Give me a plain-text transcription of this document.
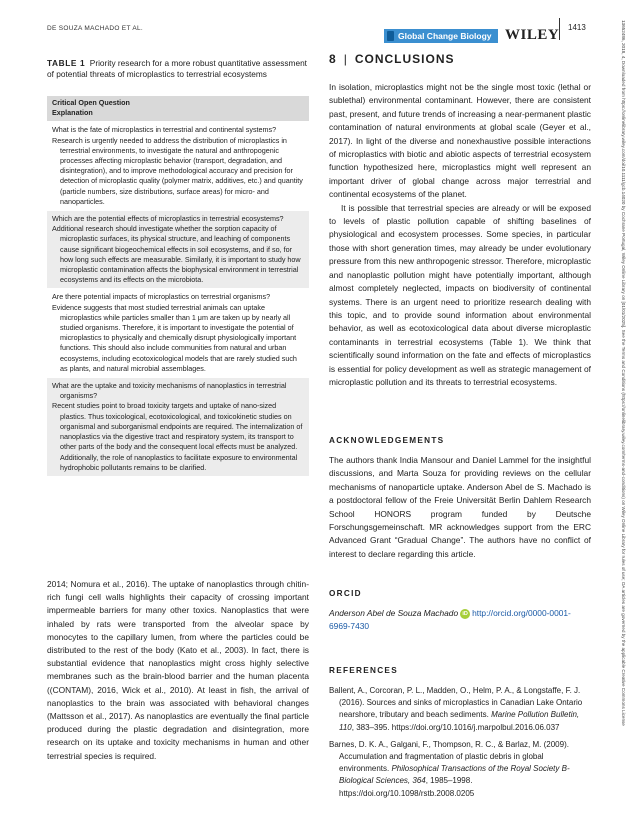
DE SOUZA MACHADO ET AL.
Global Change Biology WILEY 1413	13652486, 2018, 4, Downloaded from https://onlinelibrary.wiley.com/doi/10.1111/gcb.14020 by Cochrane Portugal, Wiley Online Library on [01/01/2025]. See the Terms and Conditions (https://onlinelibrary.wiley.com/terms-and-conditions) on Wiley Online Library for rules of use; OA articles are governed by the applicable Creative Commons License
TABLE 1 Priority research for a more robust quantitative assessment of potential threats of microplastics to terrestrial ecosystems
Critical Open Question
Explanation
What is the fate of microplastics in terrestrial and continental systems?
Research is urgently needed to address the distribution of microplastics in terrestrial environments, to investigate the natural and anthropogenic processes affecting microplastic behavior (transport, degradation, and disintegration), and to improve methodological accuracy and precision for detection of microplastic quality (polymer matrix, additives, etc.) and quantity (particle numbers, size distributions, surface areas) for micro- and nanoparticles.
Which are the potential effects of microplastics in terrestrial ecosystems?
Additional research should investigate whether the sorption capacity of microplastic surfaces, its physical structure, and leaching of components cause significant biogeochemical effects in soil ecosystems, and if so, for how long such effects are measurable. Similarly, it is important to study how microplastic contamination affects the biophysical environment in terrestrial ecosystems and its effects on the microbiota.
Are there potential impacts of microplastics on terrestrial organisms?
Evidence suggests that most studied terrestrial animals can uptake microplastics while particles smaller than 1 μm are taken up by nearly all studied organisms. Therefore, it is important to investigate the potential of microplastics to physically and chemically disrupt physiologically important functions. This should also include communities from natural and urban ecosystems, including ecotoxicological models that are rarely studied such as plants, and natural microbial assemblages.
What are the uptake and toxicity mechanisms of nanoplastics in terrestrial organisms?
Recent studies point to broad toxicity targets and uptake of nano-sized plastics. Thus toxicological, ecotoxicological, and toxicokinetic studies on organismal and suborganismal endpoints are required. The internalization of nanoplastics via the digestive tract and respiratory system, its transport to other parts of the body and the consequent local effects must be analyzed. Additionally, the role of nanoplastics to facilitate exposure to environmental hydrophobic pollutants remains to be clarified.
2014; Nomura et al., 2016). The uptake of nanoplastics through chitin-rich fungi cell walls highlights their capacity of crossing important impermeable barriers for many other toxics. Nanoplastics that were inhaled by rats were transported from the alveolar space by monocytes to the capillary lumen, from where the particles could be distributed to the rest of the body (Kato et al., 2003). In fact, there is substantial evidence that nanoplastics might cross highly selective membranes such as the brain-blood barrier and the human placenta ((CONTAM), 2016, Wick et al., 2010). At least in fish, the arrival of nanoplastics to the brain was associated with behavioral changes (Mattsson et al., 2017). As nanoplastics are eventually the final particle produced during the plastic degradation and disintegration, more research on its uptake and toxicity mechanisms in human and other terrestrial species is required.
8 | CONCLUSIONS

In isolation, microplastics might not be the single most toxic (lethal or sublethal) environmental contaminant. However, there are consistent past, present, and future trends of increasing a near-permanent plastic contamination of natural environments at global scale (Geyer et al., 2017). In light of the diverse and nonexhaustive possible interactions of microplastics with biotic and abiotic aspects of terrestrial ecosystem function hypothesized here, microplastics might well represent an important driver of global change across major terrestrial and continental ecosystems of the planet.

It is possible that terrestrial species are already or will be exposed to levels of plastic pollution capable of shifting baselines of physiological and ecosystem processes. Some species, in particular those with short generation times, may already be under evolutionary pressure from this new anthropogenic stressor. Therefore, microplastic and nanoplastic pollution might have potentially important, although almost completely neglected, impacts on biodiversity of continental systems. There is an urgent need to prioritize research dealing with this topic, and to provide sound information about environmental behavior, as well as ecotoxicological data about diverse microplastic contaminants in terrestrial ecosystems (Table 1). We think that scientifically sound information on the fate and effects of microplastics is essential for policy development as well as strategic management of microplastic pollution and its threats to terrestrial ecosystems.

ACKNOWLEDGEMENTS
The authors thank India Mansour and Daniel Lammel for the insightful discussions, and Marta Souza for providing reviews on the cellular mechanisms of nanoparticle uptake. Anderson Abel de S. Machado is a postdoctoral fellow of the Freie Universität Berlin Dahlem Research School HONORS program funded by Deutsche Forschungsgemeinschaft. MR acknowledges support from the ERC Advanced Grant “Gradual Change”. The authors have no conflict of interest to declare regarding this article.
ORCID
Anderson Abel de Souza Machado iD http://orcid.org/0000-0001-6969-7430
REFERENCES
Ballent, A., Corcoran, P. L., Madden, O., Helm, P. A., & Longstaffe, F. J. (2016). Sources and sinks of microplastics in Canadian Lake Ontario nearshore, tributary and beach sediments. Marine Pollution Bulletin, 110, 383–395. https://doi.org/10.1016/j.marpolbul.2016.06.037
Barnes, D. K. A., Galgani, F., Thompson, R. C., & Barlaz, M. (2009). Accumulation and fragmentation of plastic debris in global environments. Philosophical Transactions of the Royal Society B-Biological Sciences, 364, 1985–1998. https://doi.org/10.1098/rstb.2008.0205
